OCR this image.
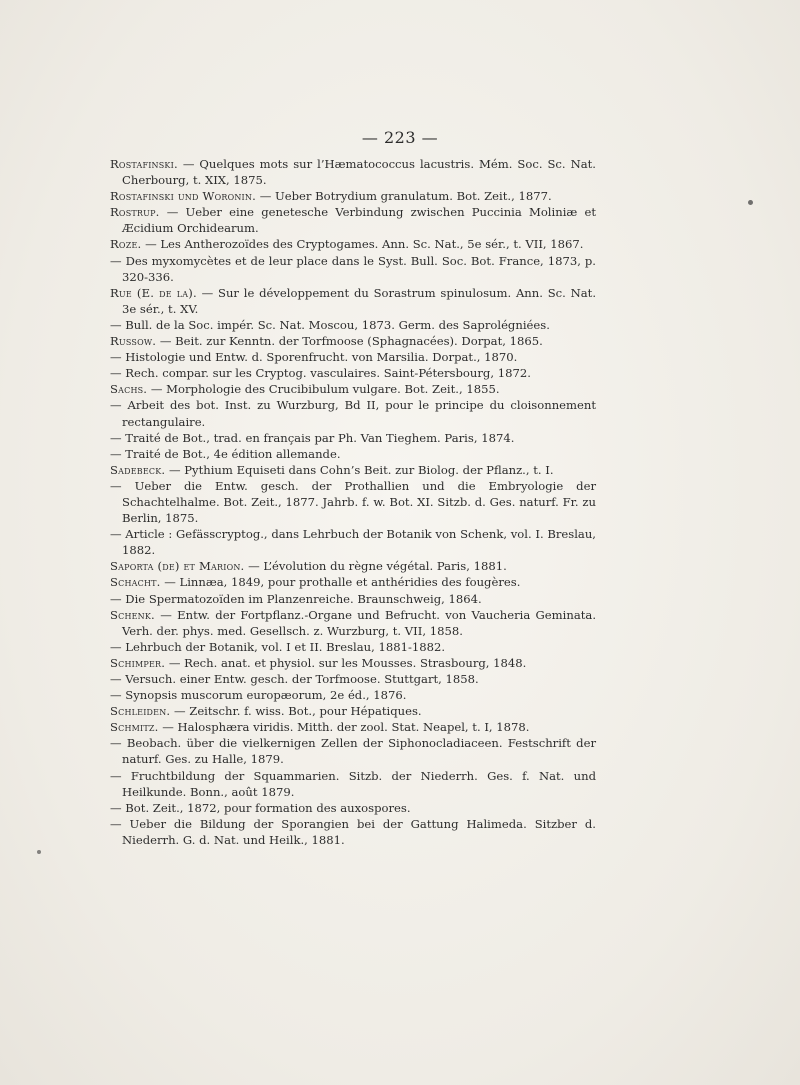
— 223 —

Rostafinski. — Quelques mots sur l’Hæmatococcus lacustris. Mém. Soc. Sc. Nat. Cherbourg, t. XIX, 1875.

Rostafinski und Woronin. — Ueber Botrydium granulatum. Bot. Zeit., 1877.

Rostrup. — Ueber eine genetesche Verbindung zwischen Puccinia Moliniæ et Æcidium Orchidearum.

Roze. — Les Antherozoïdes des Cryptogames. Ann. Sc. Nat., 5e sér., t. VII, 1867.

— Des myxomycètes et de leur place dans le Syst. Bull. Soc. Bot. France, 1873, p. 320-336.

Rue (E. de la). — Sur le développement du Sorastrum spinulosum. Ann. Sc. Nat. 3e sér., t. XV.

— Bull. de la Soc. impér. Sc. Nat. Moscou, 1873. Germ. des Saprolégniées.

Russow. — Beit. zur Kenntn. der Torfmoose (Sphagnacées). Dorpat, 1865.

— Histologie und Entw. d. Sporenfrucht. von Marsilia. Dorpat., 1870.

— Rech. compar. sur les Cryptog. vasculaires. Saint-Pétersbourg, 1872.

Sachs. — Morphologie des Crucibibulum vulgare. Bot. Zeit., 1855.

— Arbeit des bot. Inst. zu Wurzburg, Bd II, pour le principe du cloisonnement rectangulaire.

— Traité de Bot., trad. en français par Ph. Van Tieghem. Paris, 1874.

— Traité de Bot., 4e édition allemande.

Sadebeck. — Pythium Equiseti dans Cohn’s Beit. zur Biolog. der Pflanz., t. I.

— Ueber die Entw. gesch. der Prothallien und die Embryologie der Schachtelhalme. Bot. Zeit., 1877. Jahrb. f. w. Bot. XI. Sitzb. d. Ges. naturf. Fr. zu Berlin, 1875.

— Article : Gefässcryptog., dans Lehrbuch der Botanik von Schenk, vol. I. Breslau, 1882.

Saporta (de) et Marion. — L’évolution du règne végétal. Paris, 1881.

Schacht. — Linnæa, 1849, pour prothalle et anthéridies des fougères.

— Die Spermatozoïden im Planzenreiche. Braunschweig, 1864.

Schenk. — Entw. der Fortpflanz.-Organe und Befrucht. von Vaucheria Geminata. Verh. der. phys. med. Gesellsch. z. Wurzburg, t. VII, 1858.

— Lehrbuch der Botanik, vol. I et II. Breslau, 1881-1882.

Schimper. — Rech. anat. et physiol. sur les Mousses. Strasbourg, 1848.

— Versuch. einer Entw. gesch. der Torfmoose. Stuttgart, 1858.

— Synopsis muscorum europæorum, 2e éd., 1876.

Schleiden. — Zeitschr. f. wiss. Bot., pour Hépatiques.

Schmitz. — Halosphæra viridis. Mitth. der zool. Stat. Neapel, t. I, 1878.

— Beobach. über die vielkernigen Zellen der Siphonocladiaceen. Festschrift der naturf. Ges. zu Halle, 1879.

— Fruchtbildung der Squammarien. Sitzb. der Niederrh. Ges. f. Nat. und Heilkunde. Bonn., août 1879.

— Bot. Zeit., 1872, pour formation des auxospores.

— Ueber die Bildung der Sporangien bei der Gattung Halimeda. Sitzber d. Niederrh. G. d. Nat. und Heilk., 1881.
